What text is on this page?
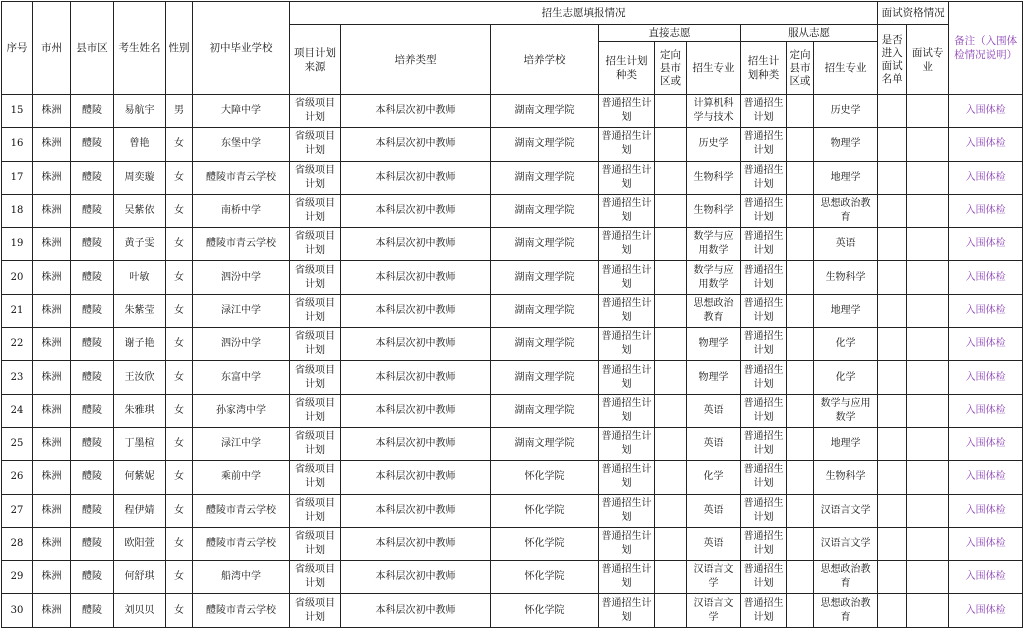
序号	市州	县市区	考生姓名	性别	初中毕业学校	招生志愿填报情况									面试资格情况		备注（入围体检情况说明）
						项目计划来源	培养类型	培养学校	直接志愿			服从志愿			是否进入面试名单	面试专业	
									招生计划种类	定向县市区或	招生专业	招生计划种类	定向县市区或	招生专业			
15	株洲	醴陵	易航宇	男	大障中学	省级项目计划	本科层次初中教师	湖南文理学院	普通招生计划		计算机科学与技术	普通招生计划		历史学			入围体检
16	株洲	醴陵	曾艳	女	东堡中学	省级项目计划	本科层次初中教师	湖南文理学院	普通招生计划		历史学	普通招生计划		物理学			入围体检
17	株洲	醴陵	周奕璇	女	醴陵市青云学校	省级项目计划	本科层次初中教师	湖南文理学院	普通招生计划		生物科学	普通招生计划		地理学			入围体检
18	株洲	醴陵	吴紫依	女	南桥中学	省级项目计划	本科层次初中教师	湖南文理学院	普通招生计划		生物科学	普通招生计划		思想政治教育			入围体检
19	株洲	醴陵	黄子雯	女	醴陵市青云学校	省级项目计划	本科层次初中教师	湖南文理学院	普通招生计划		数学与应用数学	普通招生计划		英语			入围体检
20	株洲	醴陵	叶敏	女	泗汾中学	省级项目计划	本科层次初中教师	湖南文理学院	普通招生计划		数学与应用数学	普通招生计划		生物科学			入围体检
21	株洲	醴陵	朱紫莹	女	渌江中学	省级项目计划	本科层次初中教师	湖南文理学院	普通招生计划		思想政治教育	普通招生计划		地理学			入围体检
22	株洲	醴陵	谢子艳	女	泗汾中学	省级项目计划	本科层次初中教师	湖南文理学院	普通招生计划		物理学	普通招生计划		化学			入围体检
23	株洲	醴陵	王汝欣	女	东富中学	省级项目计划	本科层次初中教师	湖南文理学院	普通招生计划		物理学	普通招生计划		化学			入围体检
24	株洲	醴陵	朱雅琪	女	孙家湾中学	省级项目计划	本科层次初中教师	湖南文理学院	普通招生计划		英语	普通招生计划		数学与应用数学			入围体检
25	株洲	醴陵	丁墨楦	女	渌江中学	省级项目计划	本科层次初中教师	湖南文理学院	普通招生计划		英语	普通招生计划		地理学			入围体检
26	株洲	醴陵	何紫妮	女	乘前中学	省级项目计划	本科层次初中教师	怀化学院	普通招生计划		化学	普通招生计划		生物科学			入围体检
27	株洲	醴陵	程伊婧	女	醴陵市青云学校	省级项目计划	本科层次初中教师	怀化学院	普通招生计划		英语	普通招生计划		汉语言文学			入围体检
28	株洲	醴陵	欧阳萱	女	醴陵市青云学校	省级项目计划	本科层次初中教师	怀化学院	普通招生计划		英语	普通招生计划		汉语言文学			入围体检
29	株洲	醴陵	何舒琪	女	船湾中学	省级项目计划	本科层次初中教师	怀化学院	普通招生计划		汉语言文学	普通招生计划		思想政治教育			入围体检
30	株洲	醴陵	刘贝贝	女	醴陵市青云学校	省级项目计划	本科层次初中教师	怀化学院	普通招生计划		汉语言文学	普通招生计划		思想政治教育			入围体检
